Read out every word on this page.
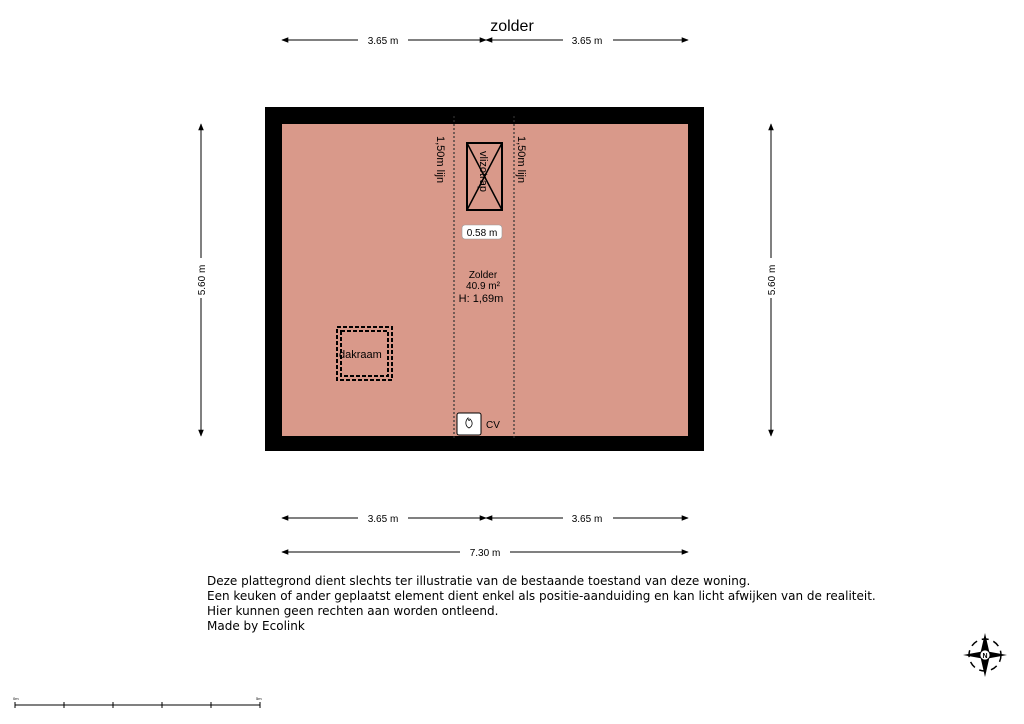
zolder
3.65 m	3.65 m
5.60 m	5.60 m
1,50m lijn	1,50m lijn
vlizotrap
0.58 m
Zolder
40.9 m²
H: 1,69m
dakraam
CV
3.65 m	3.65 m
7.30 m
N
0m	5m
Deze plattegrond dient slechts ter illustratie van de bestaande toestand van deze woning.
Een keuken of ander geplaatst element dient enkel als positie-aanduiding en kan licht afwijken van de realiteit.
Hier kunnen geen rechten aan worden ontleend.
Made by Ecolink
